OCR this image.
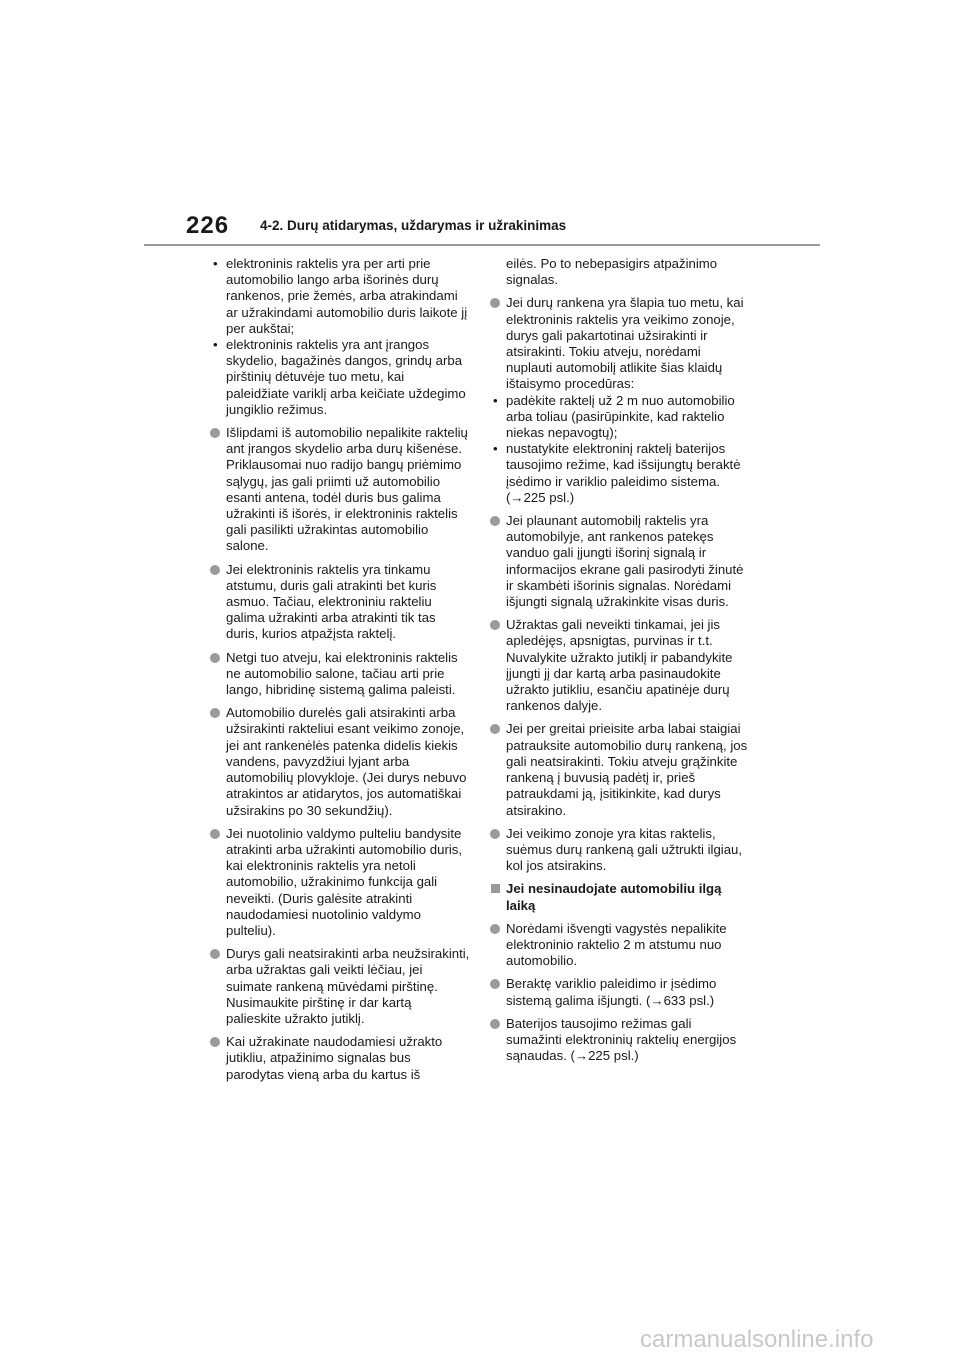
226 4-2. Durų atidarymas, uždarymas ir užrakinimas
• elektroninis raktelis yra per arti prie automobilio lango arba išorinės durų rankenos, prie žemės, arba atrakindami ar užrakindami automobilio duris laikote jį per aukštai;
• elektroninis raktelis yra ant įrangos skydelio, bagažinės dangos, grindų arba pirštinių dėtuvėje tuo metu, kai paleidžiate variklį arba keičiate uždegimo jungiklio režimus.
Išlipdami iš automobilio nepalikite raktelių ant įrangos skydelio arba durų kišenėse. Priklausomai nuo radijo bangų priėmimo sąlygų, jas gali priimti už automobilio esanti antena, todėl duris bus galima užrakinti iš išorės, ir elektroninis raktelis gali pasilikti užrakintas automobilio salone.
Jei elektroninis raktelis yra tinkamu atstumu, duris gali atrakinti bet kuris asmuo. Tačiau, elektroniniu rakteliu galima užrakinti arba atrakinti tik tas duris, kurios atpažįsta raktelį.
Netgi tuo atveju, kai elektroninis raktelis ne automobilio salone, tačiau arti prie lango, hibridinę sistemą galima paleisti.
Automobilio durelės gali atsirakinti arba užsirakinti rakteliui esant veikimo zonoje, jei ant rankenėlės patenka didelis kiekis vandens, pavyzdžiui lyjant arba automobilių plovykloje. (Jei durys nebuvo atrakintos ar atidarytos, jos automatiškai užsirakins po 30 sekundžių).
Jei nuotolinio valdymo pulteliu bandysite atrakinti arba užrakinti automobilio duris, kai elektroninis raktelis yra netoli automobilio, užrakinimo funkcija gali neveikti. (Duris galėsite atrakinti naudodamiesi nuotolinio valdymo pulteliu).
Durys gali neatsirakinti arba neužsirakinti, arba užraktas gali veikti lėčiau, jei suimate rankeną mūvėdami pirštinę. Nusimaukite pirštinę ir dar kartą palieskite užrakto jutiklį.
Kai užrakinate naudodamiesi užrakto jutikliu, atpažinimo signalas bus parodytas vieną arba du kartus iš
eilės. Po to nebepasigirs atpažinimo signalas.
Jei durų rankena yra šlapia tuo metu, kai elektroninis raktelis yra veikimo zonoje, durys gali pakartotinai užsirakinti ir atsirakinti. Tokiu atveju, norėdami nuplauti automobilį atlikite šias klaidų ištaisymo procedūras:
• padėkite raktelį už 2 m nuo automobilio arba toliau (pasirūpinkite, kad raktelio niekas nepavogtų);
• nustatykite elektroninį raktelį baterijos tausojimo režime, kad išsijungtų beraktė įsėdimo ir variklio paleidimo sistema. (→225 psl.)
Jei plaunant automobilį raktelis yra automobilyje, ant rankenos patekęs vanduo gali įjungti išorinį signalą ir informacijos ekrane gali pasirodyti žinutė ir skambėti išorinis signalas. Norėdami išjungti signalą užrakinkite visas duris.
Užraktas gali neveikti tinkamai, jei jis apledėjęs, apsnigtas, purvinas ir t.t. Nuvalykite užrakto jutiklį ir pabandykite įjungti jį dar kartą arba pasinaudokite užrakto jutikliu, esančiu apatinėje durų rankenos dalyje.
Jei per greitai prieisite arba labai staigiai patrauksite automobilio durų rankeną, jos gali neatsirakinti. Tokiu atveju grąžinkite rankeną į buvusią padėtį ir, prieš patraukdami ją, įsitikinkite, kad durys atsirakino.
Jei veikimo zonoje yra kitas raktelis, suėmus durų rankeną gali užtrukti ilgiau, kol jos atsirakins.
Jei nesinaudojate automobiliu ilgą laiką
Norėdami išvengti vagystės nepalikite elektroninio raktelio 2 m atstumu nuo automobilio.
Beraktę variklio paleidimo ir įsėdimo sistemą galima išjungti. (→633 psl.)
Baterijos tausojimo režimas gali sumažinti elektroninių raktelių energijos sąnaudas. (→225 psl.)
carmanualsonline.info
